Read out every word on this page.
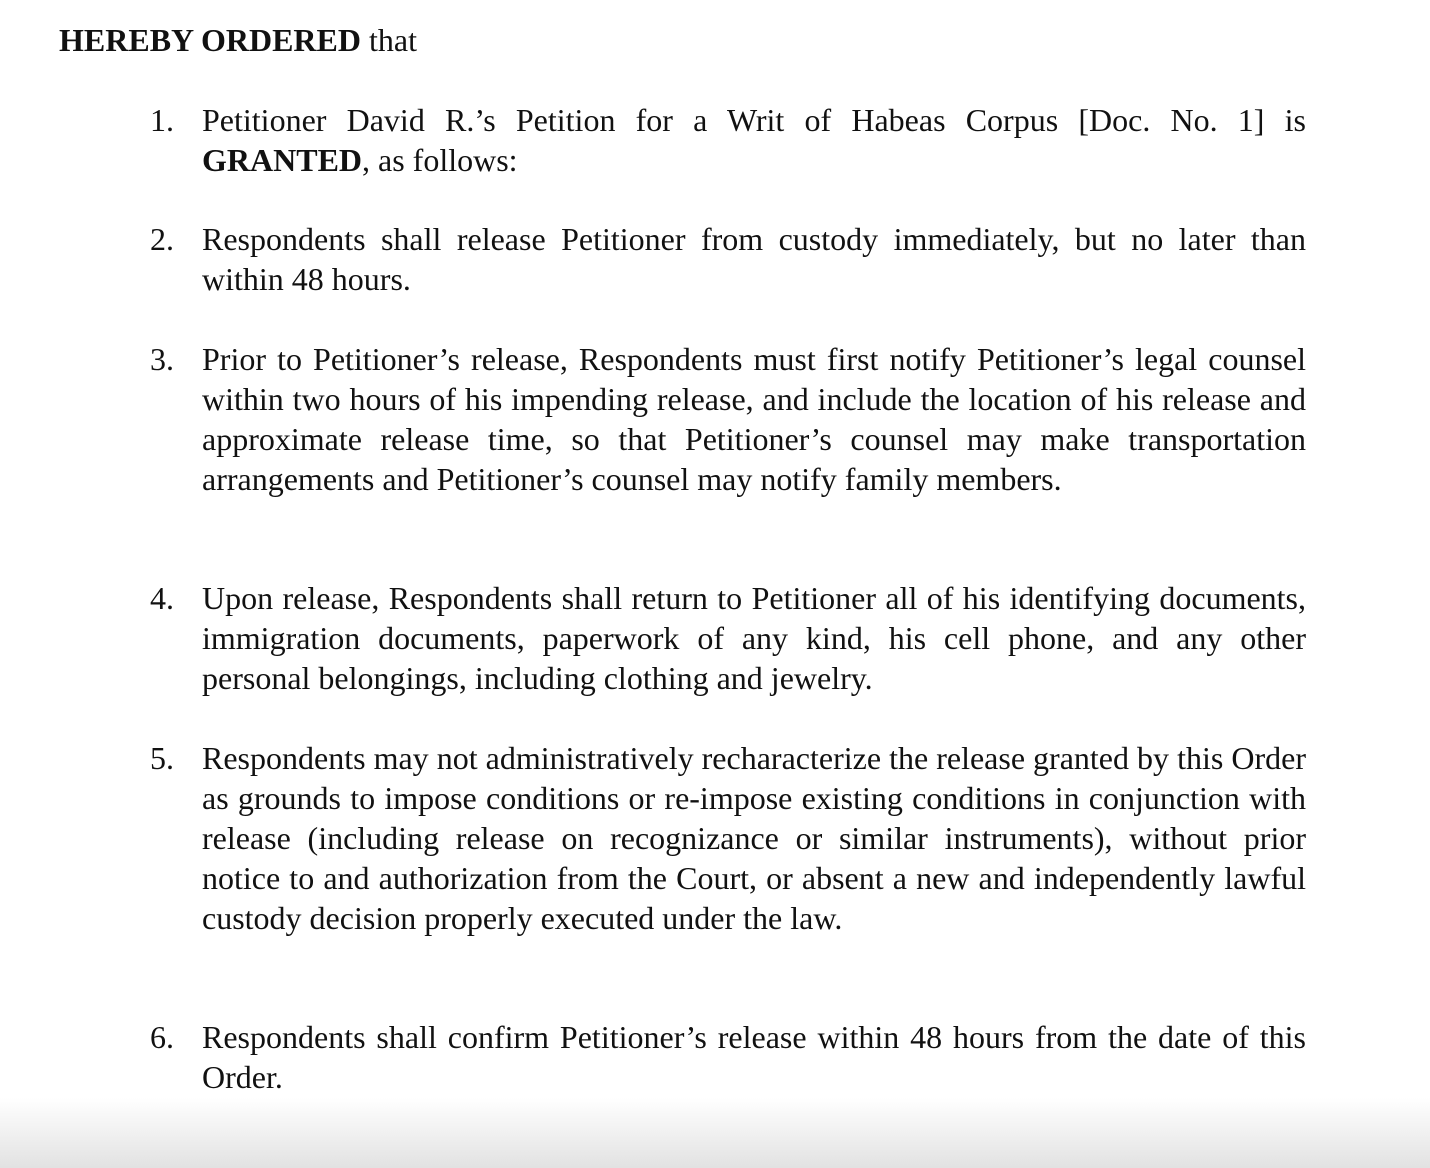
HEREBY ORDERED that
1. Petitioner David R.’s Petition for a Writ of Habeas Corpus [Doc. No. 1] is GRANTED, as follows:
2. Respondents shall release Petitioner from custody immediately, but no later than within 48 hours.
3. Prior to Petitioner’s release, Respondents must first notify Petitioner’s legal counsel within two hours of his impending release, and include the location of his release and approximate release time, so that Petitioner’s counsel may make transportation arrangements and Petitioner’s counsel may notify family members.
4. Upon release, Respondents shall return to Petitioner all of his identifying documents, immigration documents, paperwork of any kind, his cell phone, and any other personal belongings, including clothing and jewelry.
5. Respondents may not administratively recharacterize the release granted by this Order as grounds to impose conditions or re-impose existing conditions in conjunction with release (including release on recognizance or similar instruments), without prior notice to and authorization from the Court, or absent a new and independently lawful custody decision properly executed under the law.
6. Respondents shall confirm Petitioner’s release within 48 hours from the date of this Order.
